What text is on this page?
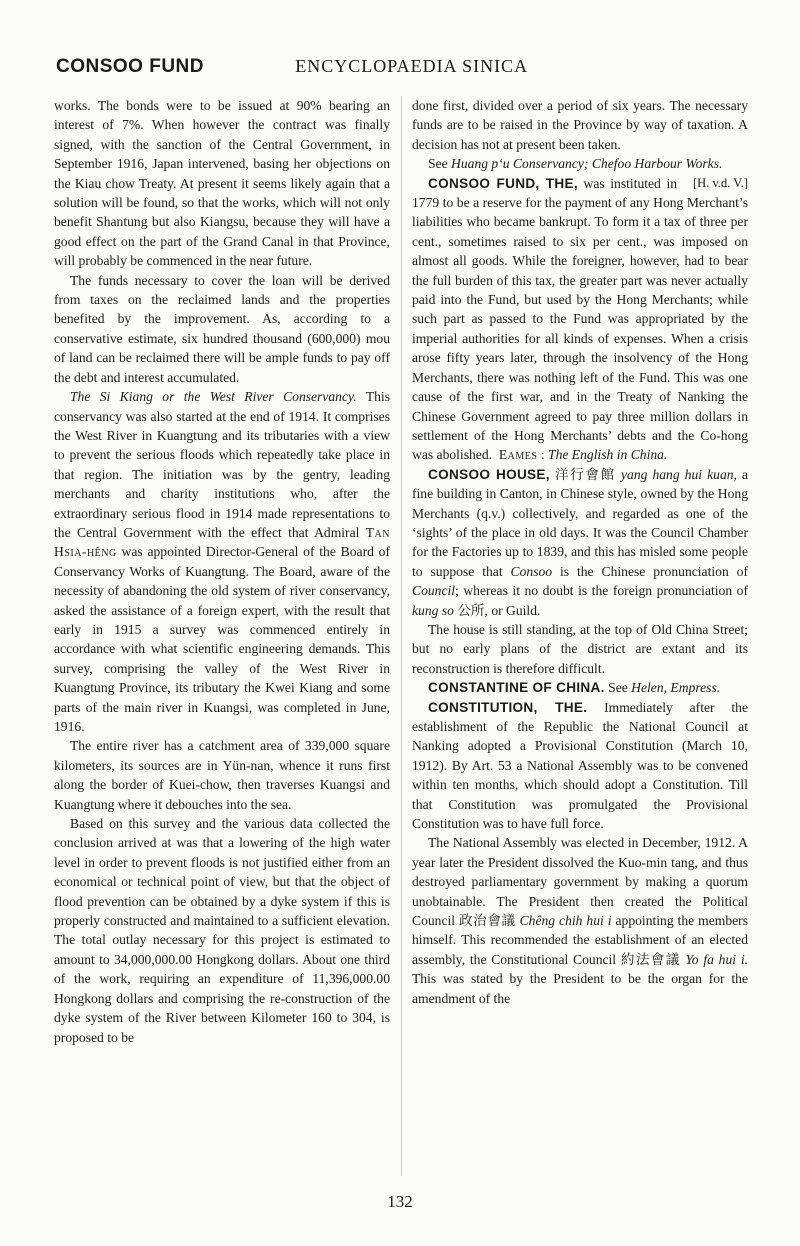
CONSOO FUND	ENCYCLOPAEDIA SINICA

works. The bonds were to be issued at 90% bearing an interest of 7%. When however the contract was finally signed, with the sanction of the Central Government, in September 1916, Japan intervened, basing her objections on the Kiau chow Treaty. At present it seems likely again that a solution will be found, so that the works, which will not only benefit Shantung but also Kiangsu, because they will have a good effect on the part of the Grand Canal in that Province, will probably be commenced in the near future.

The funds necessary to cover the loan will be derived from taxes on the reclaimed lands and the properties benefited by the improvement. As, according to a conservative estimate, six hundred thousand (600,000) mou of land can be reclaimed there will be ample funds to pay off the debt and interest accumulated.

The Si Kiang or the West River Conservancy. This conservancy was also started at the end of 1914. It comprises the West River in Kuangtung and its tributaries with a view to prevent the serious floods which repeatedly take place in that region. The initiation was by the gentry, leading merchants and charity institutions who, after the extraordinary serious flood in 1914 made representations to the Central Government with the effect that Admiral Tan Hsia-hêng was appointed Director-General of the Board of Conservancy Works of Kuangtung. The Board, aware of the necessity of abandoning the old system of river conservancy, asked the assistance of a foreign expert, with the result that early in 1915 a survey was commenced entirely in accordance with what scientific engineering demands. This survey, comprising the valley of the West River in Kuangtung Province, its tributary the Kwei Kiang and some parts of the main river in Kuangsi, was completed in June, 1916.

The entire river has a catchment area of 339,000 square kilometers, its sources are in Yün-nan, whence it runs first along the border of Kuei-chow, then traverses Kuangsi and Kuangtung where it debouches into the sea.

Based on this survey and the various data collected the conclusion arrived at was that a lowering of the high water level in order to prevent floods is not justified either from an economical or technical point of view, but that the object of flood prevention can be obtained by a dyke system if this is properly constructed and maintained to a sufficient elevation. The total outlay necessary for this project is estimated to amount to 34,000,000.00 Hongkong dollars. About one third of the work, requiring an expenditure of 11,396,000.00 Hongkong dollars and comprising the re-construction of the dyke system of the River between Kilometer 160 to 304, is proposed to be

done first, divided over a period of six years. The necessary funds are to be raised in the Province by way of taxation. A decision has not at present been taken.

See Huang p‘u Conservancy; Chefoo Harbour Works.
[H. v.d. V.]

CONSOO FUND, THE, was instituted in 1779 to be a reserve for the payment of any Hong Merchant’s liabilities who became bankrupt. To form it a tax of three per cent., sometimes raised to six per cent., was imposed on almost all goods. While the foreigner, however, had to bear the full burden of this tax, the greater part was never actually paid into the Fund, but used by the Hong Merchants; while such part as passed to the Fund was appropriated by the imperial authorities for all kinds of expenses. When a crisis arose fifty years later, through the insolvency of the Hong Merchants, there was nothing left of the Fund. This was one cause of the first war, and in the Treaty of Nanking the Chinese Government agreed to pay three million dollars in settlement of the Hong Merchants’ debts and the Co-hong was abolished. Eames : The English in China.

CONSOO HOUSE, 洋行會館 yang hang hui kuan, a fine building in Canton, in Chinese style, owned by the Hong Merchants (q.v.) collectively, and regarded as one of the ‘sights’ of the place in old days. It was the Council Chamber for the Factories up to 1839, and this has misled some people to suppose that Consoo is the Chinese pronunciation of Council; whereas it no doubt is the foreign pronunciation of kung so 公所, or Guild.

The house is still standing, at the top of Old China Street; but no early plans of the district are extant and its reconstruction is therefore difficult.

CONSTANTINE OF CHINA. See Helen, Empress.

CONSTITUTION, THE. Immediately after the establishment of the Republic the National Council at Nanking adopted a Provisional Constitution (March 10, 1912). By Art. 53 a National Assembly was to be convened within ten months, which should adopt a Constitution. Till that Constitution was promulgated the Provisional Constitution was to have full force.

The National Assembly was elected in December, 1912. A year later the President dissolved the Kuo-min tang, and thus destroyed parliamentary government by making a quorum unobtainable. The President then created the Political Council 政治會議 Chêng chih hui i appointing the members himself. This recommended the establishment of an elected assembly, the Constitutional Council 約法會議 Yo fa hui i. This was stated by the President to be the organ for the amendment of the

132
